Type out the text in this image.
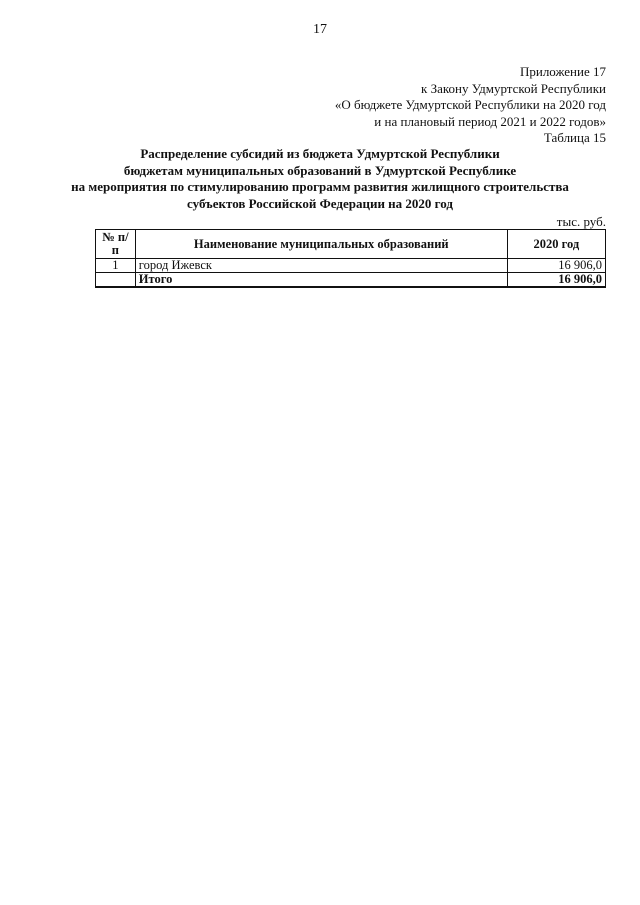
17
Приложение 17
к Закону Удмуртской Республики
«О бюджете Удмуртской Республики на 2020 год
и на плановый период 2021 и 2022 годов»
Таблица 15
Распределение субсидий из бюджета Удмуртской Республики
бюджетам муниципальных образований в Удмуртской Республике
на мероприятия по стимулированию программ развития жилищного строительства
субъектов Российской Федерации на 2020 год
тыс. руб.
№ п/п	Наименование муниципальных образований	2020 год
1	город Ижевск	16 906,0
	Итого	16 906,0
